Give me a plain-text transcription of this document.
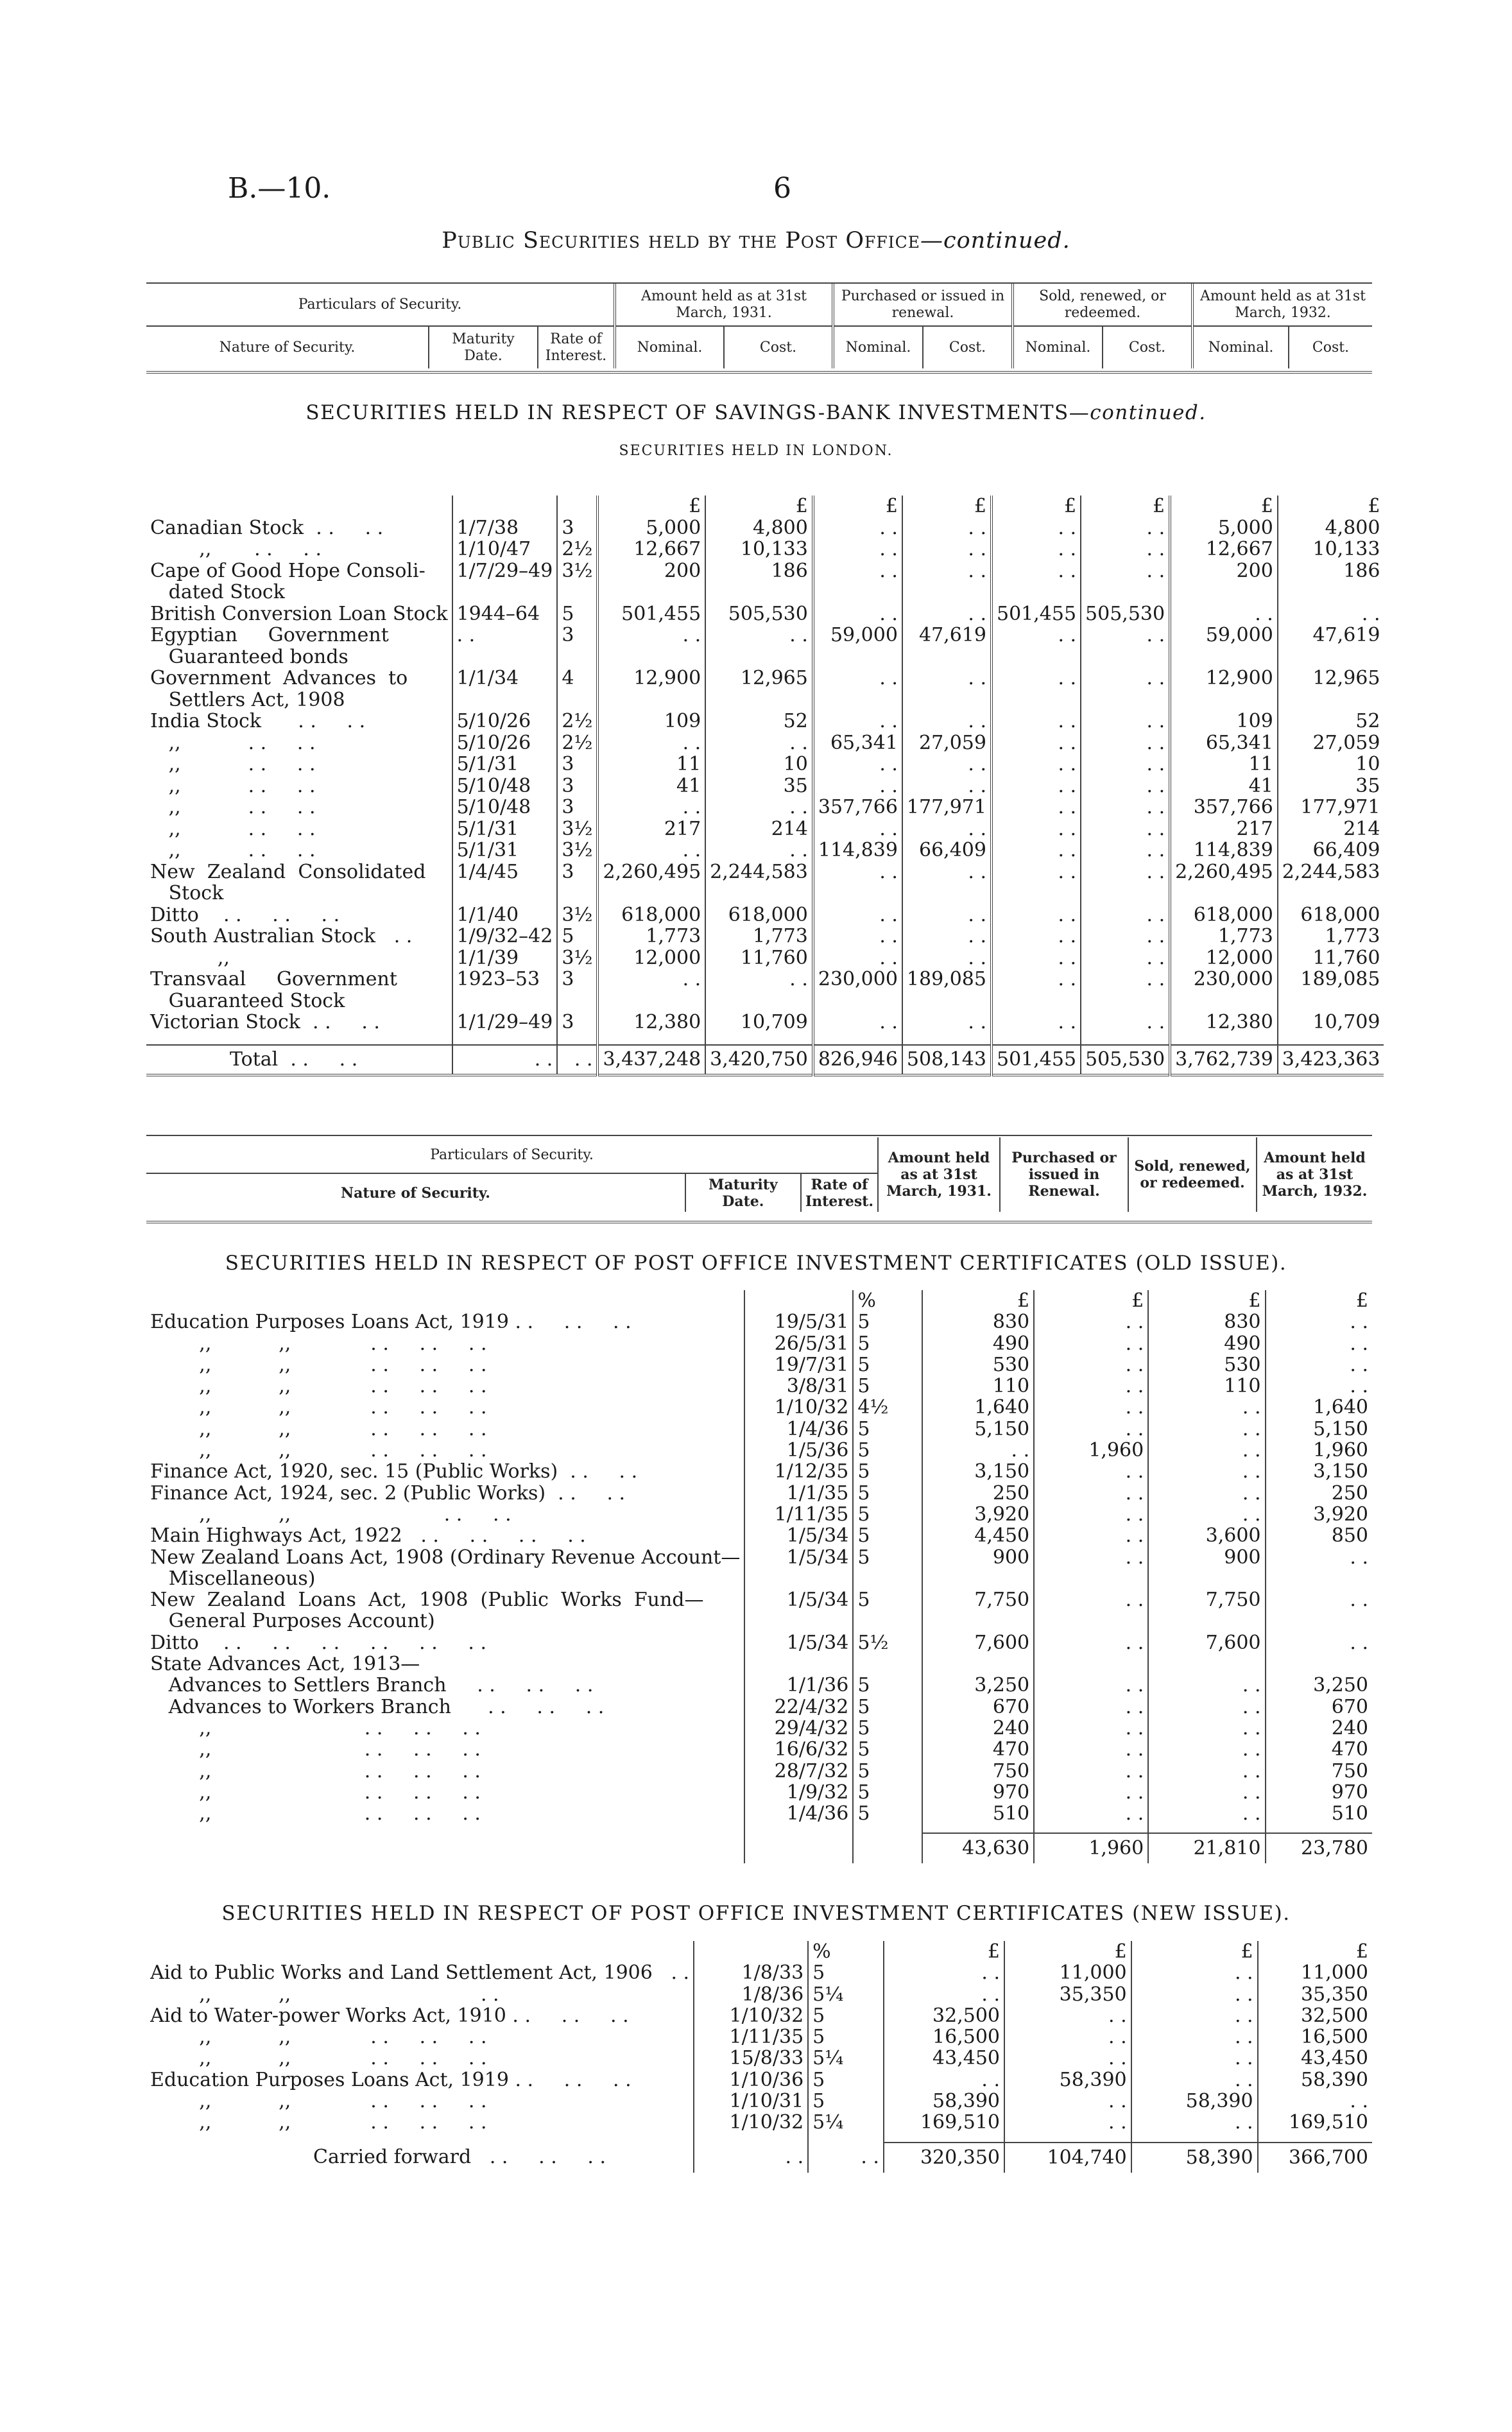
B.—10.	6
Public Securities held by the Post Office—continued.
Particulars of Security.			Amount held as at 31st March, 1931.		Purchased or issued in renewal.		Sold, renewed, or redeemed.		Amount held as at 31st March, 1932.	
Nature of Security.	Maturity Date.	Rate of Interest.	Nominal.	Cost.	Nominal.	Cost.	Nominal.	Cost.	Nominal.	Cost.
SECURITIES HELD IN RESPECT OF SAVINGS-BANK INVESTMENTS—continued.
SECURITIES HELD IN LONDON.
			£	£	£	£	£	£	£	£
Canadian Stock  . .     . .	1/7/38	3	5,000	4,800	. .	. .	. .	. .	5,000	4,800
,,       . .     . .	1/10/47	2½	12,667	10,133	. .	. .	. .	. .	12,667	10,133
Cape of Good Hope Consoli-	1/7/29–49	3½	200	186	. .	. .	. .	. .	200	186
dated Stock										
British Conversion Loan Stock	1944–64	5	501,455	505,530	. .	. .	501,455	505,530	. .	. .
Egyptian     Government	. .	3	. .	. .	59,000	47,619	. .	. .	59,000	47,619
Guaranteed bonds										
Government  Advances  to	1/1/34	4	12,900	12,965	. .	. .	. .	. .	12,900	12,965
Settlers Act, 1908										
India Stock      . .     . .	5/10/26	2½	109	52	. .	. .	. .	. .	109	52
,,           . .     . .	5/10/26	2½	. .	. .	65,341	27,059	. .	. .	65,341	27,059
,,           . .     . .	5/1/31	3	11	10	. .	. .	. .	. .	11	10
,,           . .     . .	5/10/48	3	41	35	. .	. .	. .	. .	41	35
,,           . .     . .	5/10/48	3	. .	. .	357,766	177,971	. .	. .	357,766	177,971
,,           . .     . .	5/1/31	3½	217	214	. .	. .	. .	. .	217	214
,,           . .     . .	5/1/31	3½	. .	. .	114,839	66,409	. .	. .	114,839	66,409
New  Zealand  Consolidated	1/4/45	3	2,260,495	2,244,583	. .	. .	. .	. .	2,260,495	2,244,583
Stock										
Ditto    . .     . .     . .	1/1/40	3½	618,000	618,000	. .	. .	. .	. .	618,000	618,000
South Australian Stock   . .	1/9/32–42	5	1,773	1,773	. .	. .	. .	. .	1,773	1,773
,,	1/1/39	3½	12,000	11,760	. .	. .	. .	. .	12,000	11,760
Transvaal     Government	1923–53	3	. .	. .	230,000	189,085	. .	. .	230,000	189,085
Guaranteed Stock										
Victorian Stock  . .     . .	1/1/29–49	3	12,380	10,709	. .	. .	. .	. .	12,380	10,709

Total  . .     . .	. .	. .	3,437,248	3,420,750	826,946	508,143	501,455	505,530	3,762,739	3,423,363
Particulars of Security.			Amount held as at 31st March, 1931.	Purchased or issued in Renewal.	Sold, renewed, or redeemed.	Amount held as at 31st March, 1932.
Nature of Security.	Maturity Date.	Rate of Interest.				
SECURITIES HELD IN RESPECT OF POST OFFICE INVESTMENT CERTIFICATES (OLD ISSUE).
		%	£	£	£	£
Education Purposes Loans Act, 1919 . .     . .     . .	19/5/31	5	830	. .	830	. .
,,           ,,             . .     . .     . .	26/5/31	5	490	. .	490	. .
,,           ,,             . .     . .     . .	19/7/31	5	530	. .	530	. .
,,           ,,             . .     . .     . .	3/8/31	5	110	. .	110	. .
,,           ,,             . .     . .     . .	1/10/32	4½	1,640	. .	. .	1,640
,,           ,,             . .     . .     . .	1/4/36	5	5,150	. .	. .	5,150
,,           ,,             . .     . .     . .	1/5/36	5	. .	1,960	. .	1,960
Finance Act, 1920, sec. 15 (Public Works)  . .     . .	1/12/35	5	3,150	. .	. .	3,150
Finance Act, 1924, sec. 2 (Public Works)  . .     . .	1/1/35	5	250	. .	. .	250
,,           ,,                         . .     . .	1/11/35	5	3,920	. .	. .	3,920
Main Highways Act, 1922   . .     . .     . .     . .	1/5/34	5	4,450	. .	3,600	850
New Zealand Loans Act, 1908 (Ordinary Revenue Account—	1/5/34	5	900	. .	900	. .
Miscellaneous)						
New  Zealand  Loans  Act,  1908  (Public  Works  Fund—	1/5/34	5	7,750	. .	7,750	. .
General Purposes Account)						
Ditto    . .     . .     . .     . .     . .     . .	1/5/34	5½	7,600	. .	7,600	. .
State Advances Act, 1913—						
Advances to Settlers Branch     . .     . .     . .	1/1/36	5	3,250	. .	. .	3,250
Advances to Workers Branch      . .     . .     . .	22/4/32	5	670	. .	. .	670
,,                         . .     . .     . .	29/4/32	5	240	. .	. .	240
,,                         . .     . .     . .	16/6/32	5	470	. .	. .	470
,,                         . .     . .     . .	28/7/32	5	750	. .	. .	750
,,                         . .     . .     . .	1/9/32	5	970	. .	. .	970
,,                         . .     . .     . .	1/4/36	5	510	. .	. .	510

			43,630	1,960	21,810	23,780
SECURITIES HELD IN RESPECT OF POST OFFICE INVESTMENT CERTIFICATES (NEW ISSUE).
		%	£	£	£	£
Aid to Public Works and Land Settlement Act, 1906   . .	1/8/33	5	. .	11,000	. .	11,000
,,           ,,                               . .	1/8/36	5¼	. .	35,350	. .	35,350
Aid to Water-power Works Act, 1910 . .     . .     . .	1/10/32	5	32,500	. .	. .	32,500
,,           ,,             . .     . .     . .	1/11/35	5	16,500	. .	. .	16,500
,,           ,,             . .     . .     . .	15/8/33	5¼	43,450	. .	. .	43,450
Education Purposes Loans Act, 1919 . .     . .     . .	1/10/36	5	. .	58,390	. .	58,390
,,           ,,             . .     . .     . .	1/10/31	5	58,390	. .	58,390	. .
,,           ,,             . .     . .     . .	1/10/32	5¼	169,510	. .	. .	169,510

Carried forward   . .     . .     . .	. .	. .	320,350	104,740	58,390	366,700
